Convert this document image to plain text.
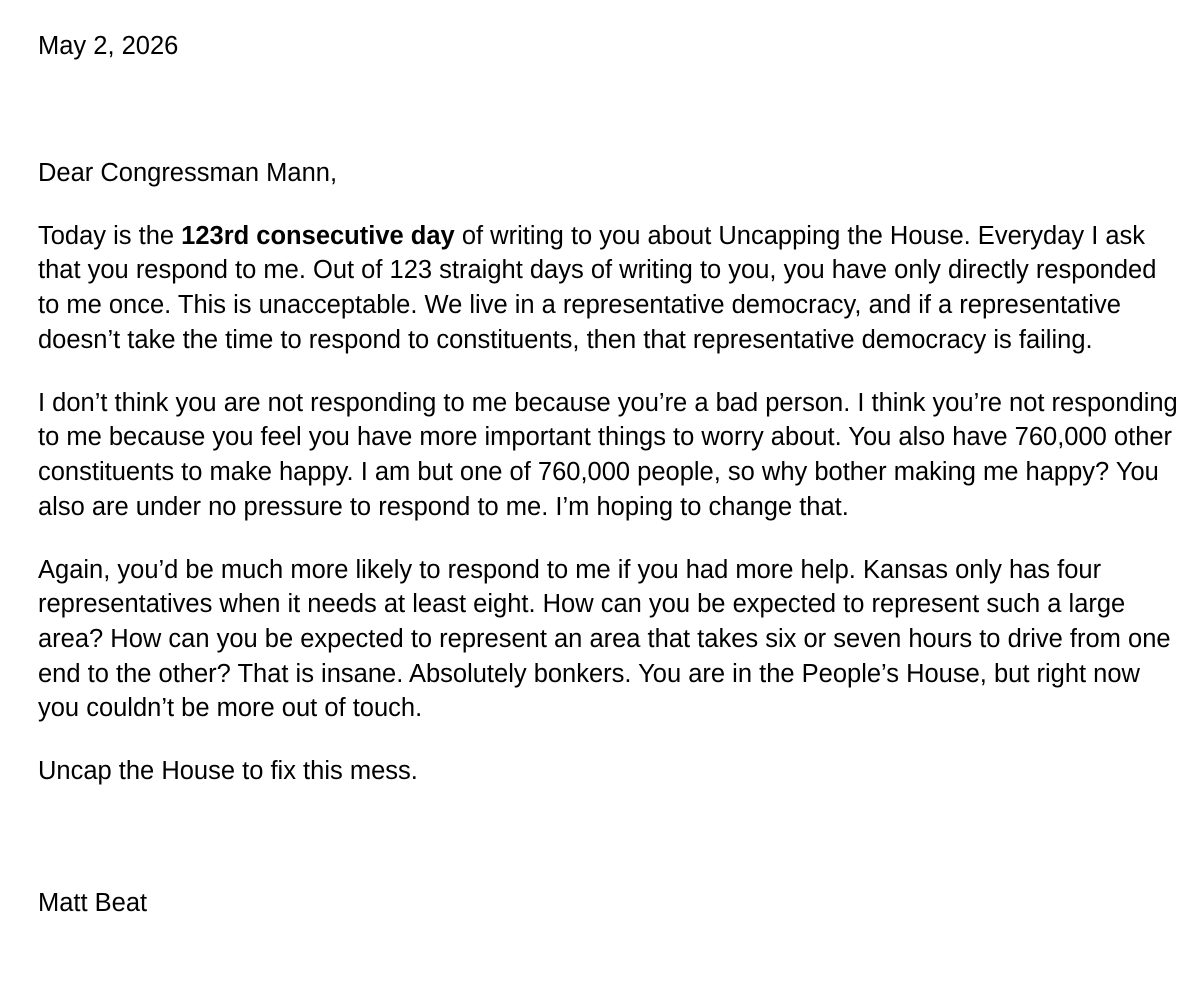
May 2, 2026

Dear Congressman Mann,

Today is the 123rd consecutive day of writing to you about Uncapping the House. Everyday I ask that you respond to me. Out of 123 straight days of writing to you, you have only directly responded to me once. This is unacceptable. We live in a representative democracy, and if a representative doesn’t take the time to respond to constituents, then that representative democracy is failing.

I don’t think you are not responding to me because you’re a bad person. I think you’re not responding to me because you feel you have more important things to worry about. You also have 760,000 other constituents to make happy. I am but one of 760,000 people, so why bother making me happy? You also are under no pressure to respond to me. I’m hoping to change that.

Again, you’d be much more likely to respond to me if you had more help. Kansas only has four representatives when it needs at least eight. How can you be expected to represent such a large area? How can you be expected to represent an area that takes six or seven hours to drive from one end to the other? That is insane. Absolutely bonkers. You are in the People’s House, but right now you couldn’t be more out of touch.

Uncap the House to fix this mess.

Matt Beat
